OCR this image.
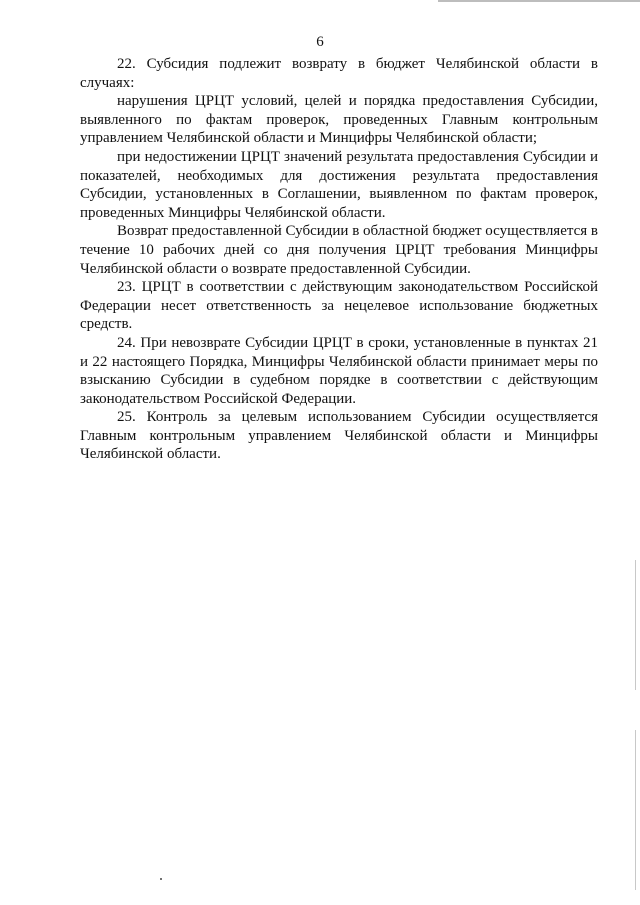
6

22. Субсидия подлежит возврату в бюджет Челябинской области в случаях:

нарушения ЦРЦТ условий, целей и порядка предоставления Субсидии, выявленного по фактам проверок, проведенных Главным контрольным управлением Челябинской области и Минцифры Челябинской области;

при недостижении ЦРЦТ значений результата предоставления Субсидии и показателей, необходимых для достижения результата предоставления Субсидии, установленных в Соглашении, выявленном по фактам проверок, проведенных Минцифры Челябинской области.

Возврат предоставленной Субсидии в областной бюджет осуществляется в течение 10 рабочих дней со дня получения ЦРЦТ требования Минцифры Челябинской области о возврате предоставленной Субсидии.

23. ЦРЦТ в соответствии с действующим законодательством Российской Федерации несет ответственность за нецелевое использование бюджетных средств.

24. При невозврате Субсидии ЦРЦТ в сроки, установленные в пунктах 21 и 22 настоящего Порядка, Минцифры Челябинской области принимает меры по взысканию Субсидии в судебном порядке в соответствии с действующим законодательством Российской Федерации.

25. Контроль за целевым использованием Субсидии осуществляется Главным контрольным управлением Челябинской области и Минцифры Челябинской области.
